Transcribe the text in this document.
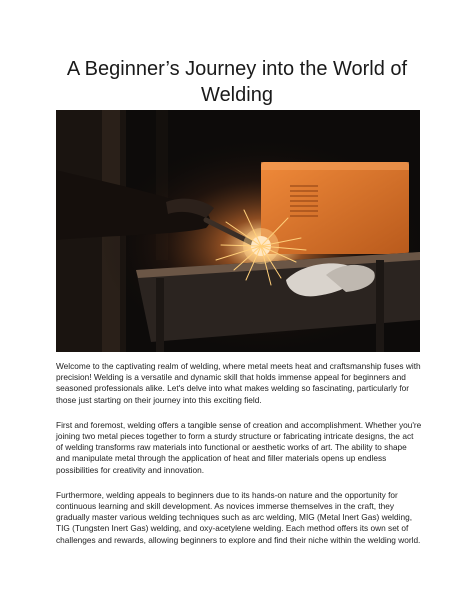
A Beginner’s Journey into the World of Welding

Welcome to the captivating realm of welding, where metal meets heat and craftsmanship fuses with precision! Welding is a versatile and dynamic skill that holds immense appeal for beginners and seasoned professionals alike. Let's delve into what makes welding so fascinating, particularly for those just starting on their journey into this exciting field.

First and foremost, welding offers a tangible sense of creation and accomplishment. Whether you're joining two metal pieces together to form a sturdy structure or fabricating intricate designs, the act of welding transforms raw materials into functional or aesthetic works of art. The ability to shape and manipulate metal through the application of heat and filler materials opens up endless possibilities for creativity and innovation.

Furthermore, welding appeals to beginners due to its hands-on nature and the opportunity for continuous learning and skill development. As novices immerse themselves in the craft, they gradually master various welding techniques such as arc welding, MIG (Metal Inert Gas) welding, TIG (Tungsten Inert Gas) welding, and oxy-acetylene welding. Each method offers its own set of challenges and rewards, allowing beginners to explore and find their niche within the welding world.
